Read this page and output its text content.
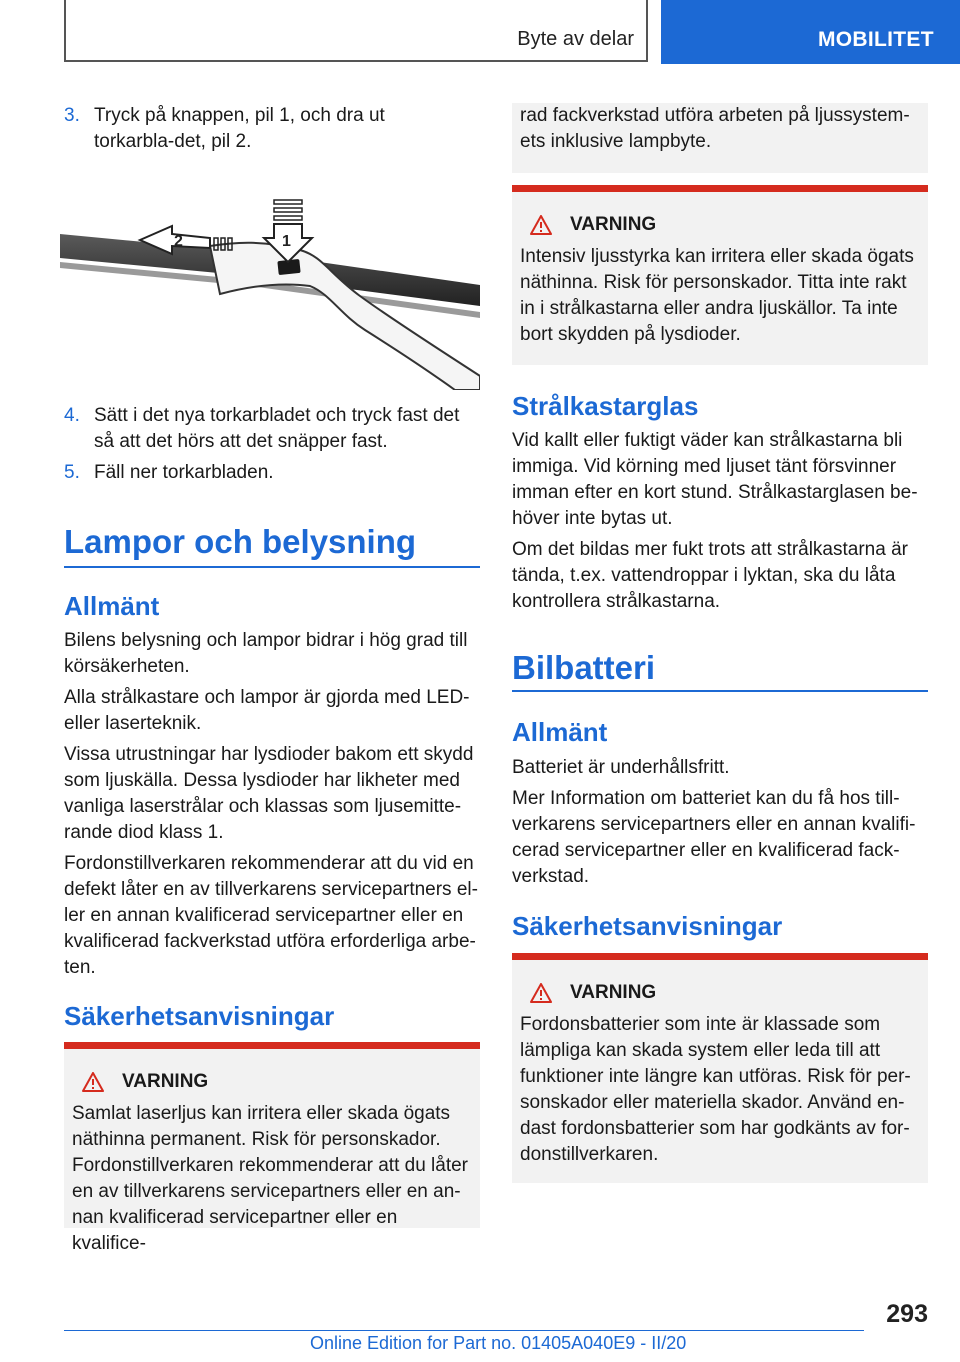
Byte av delar	MOBILITET
3. Tryck på knappen, pil 1, och dra ut torkarbla-det, pil 2.
2	1
4. Sätt i det nya torkarbladet och tryck fast det så att det hörs att det snäpper fast.
5. Fäll ner torkarbladen.
Lampor och belysning
Allmänt

Bilens belysning och lampor bidrar i hög grad till körsäkerheten.

Alla strålkastare och lampor är gjorda med LED- eller laserteknik.

Vissa utrustningar har lysdioder bakom ett skydd som ljuskälla. Dessa lysdioder har likheter med vanliga laserstrålar och klassas som ljusemitte-rande diod klass 1.

Fordonstillverkaren rekommenderar att du vid en defekt låter en av tillverkarens servicepartners el-ler en annan kvalificerad servicepartner eller en kvalificerad fackverkstad utföra erforderliga arbe-ten.

Säkerhetsanvisningar
VARNING

Samlat laserljus kan irritera eller skada ögats näthinna permanent. Risk för personskador. Fordonstillverkaren rekommenderar att du låter en av tillverkarens servicepartners eller en an-nan kvalificerad servicepartner eller en kvalifice-

rad fackverkstad utföra arbeten på ljussystem-ets inklusive lampbyte.

VARNING

Intensiv ljusstyrka kan irritera eller skada ögats näthinna. Risk för personskador. Titta inte rakt in i strålkastarna eller andra ljuskällor. Ta inte bort skydden på lysdioder.

Strålkastarglas

Vid kallt eller fuktigt väder kan strålkastarna bli immiga. Vid körning med ljuset tänt försvinner imman efter en kort stund. Strålkastarglasen be-höver inte bytas ut.

Om det bildas mer fukt trots att strålkastarna är tända, t.ex. vattendroppar i lyktan, ska du låta kontrollera strålkastarna.

Bilbatteri
Allmänt

Batteriet är underhållsfritt.

Mer Information om batteriet kan du få hos till-verkarens servicepartners eller en annan kvalifi-cerad servicepartner eller en kvalificerad fack-verkstad.

Säkerhetsanvisningar
VARNING

Fordonsbatterier som inte är klassade som lämpliga kan skada system eller leda till att funktioner inte längre kan utföras. Risk för per-sonskador eller materiella skador. Använd en-dast fordonsbatterier som har godkänts av for-donstillverkaren.

293
Online Edition for Part no. 01405A040E9 - II/20
